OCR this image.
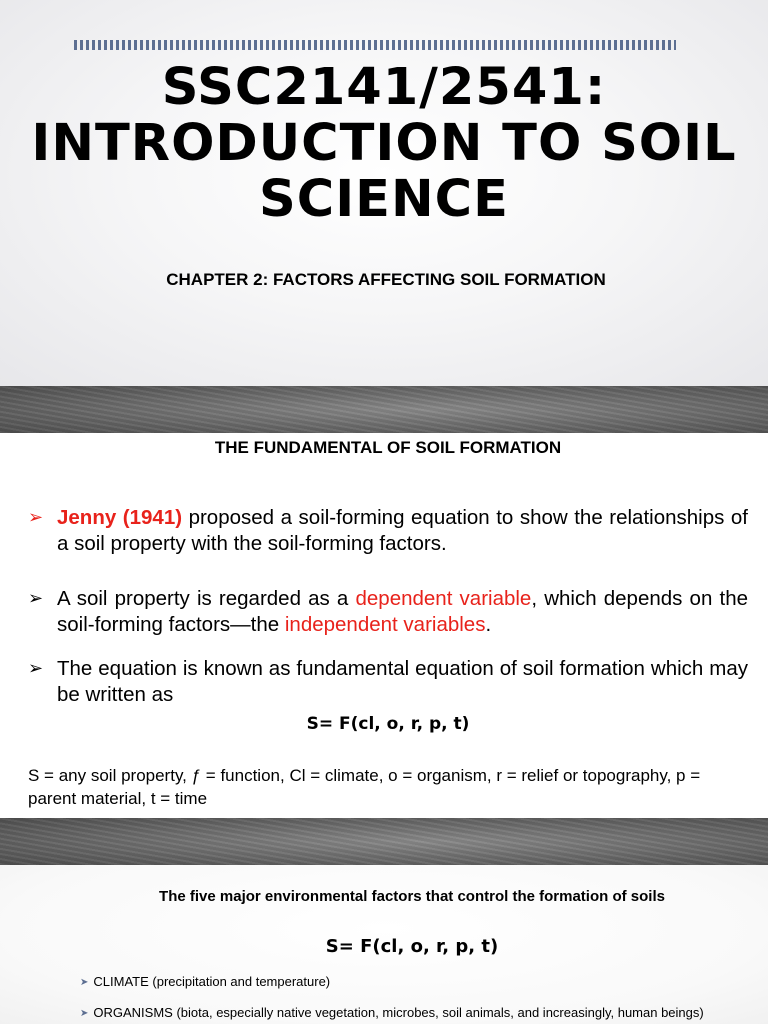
SSC2141/2541:
INTRODUCTION TO SOIL
SCIENCE
CHAPTER 2: FACTORS AFFECTING SOIL FORMATION
THE FUNDAMENTAL OF SOIL FORMATION
➢ Jenny (1941) proposed a soil-forming equation to show the relationships of a soil property with the soil-forming factors.
➢ A soil property is regarded as a dependent variable, which depends on the soil-forming factors—the independent variables.
➢ The equation is known as fundamental equation of soil formation which may be written as
S= F(cl, o, r, p, t)
S = any soil property, ƒ = function, Cl = climate, o = organism, r = relief or topography, p = parent material, t = time
The five major environmental factors that control the formation of soils
S= F(cl, o, r, p, t)
➤ CLIMATE (precipitation and temperature)
➤ ORGANISMS (biota, especially native vegetation, microbes, soil animals, and increasingly, human beings)
